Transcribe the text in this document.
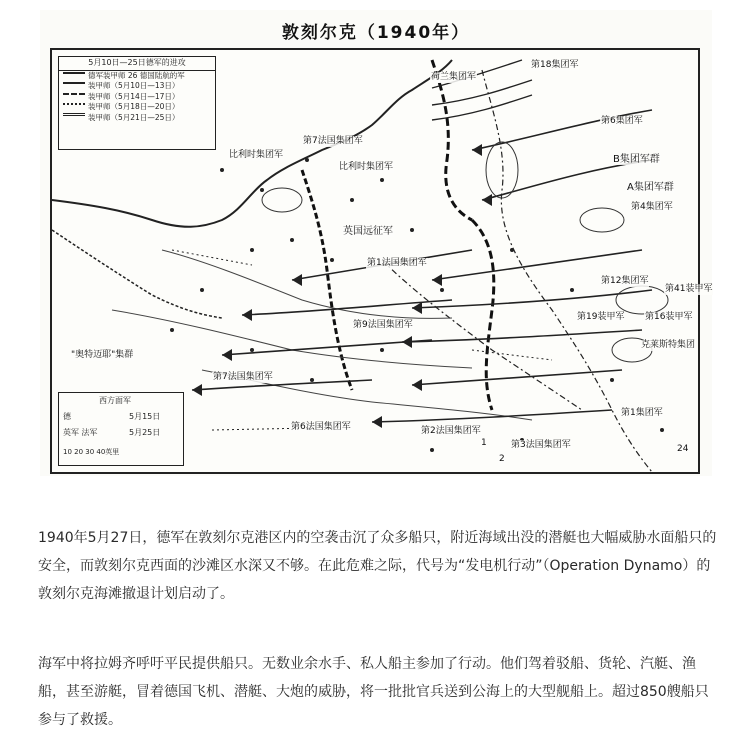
敦刻尔克（1940年）
5月10日—25日德军的进攻
德军装甲师 26 德国陆航的军
装甲师（5月10日—13日）
装甲师（5月14日—17日）
装甲师（5月18日—20日）
装甲师（5月21日—25日）
西方面军
德	5月15日
英军 法军	5月25日
10 20 30 40英里
荷兰集团军
第18集团军
第6集团军
B集团军群
A集团军群
第4集团军
第12集团军
第19装甲军 第16装甲军
第41装甲军
克莱斯特集团
第1集团军
第7法国集团军
比利时集团军
比利时集团军
英国远征军
第1法国集团军
第9法国集团军
"奥特迈耶"集群
第7法国集团军
第6法国集团军	第2法国集团军
第3法国集团军
1
2
24

1940年5月27日，德军在敦刻尔克港区内的空袭击沉了众多船只，附近海域出没的潜艇也大幅威胁水面船只的安全，而敦刻尔克西面的沙滩区水深又不够。在此危难之际，代号为“发电机行动”（Operation Dynamo）的敦刻尔克海滩撤退计划启动了。

海军中将拉姆齐呼吁平民提供船只。无数业余水手、私人船主参加了行动。他们驾着驳船、货轮、汽艇、渔船，甚至游艇，冒着德国飞机、潜艇、大炮的威胁，将一批批官兵送到公海上的大型舰船上。超过850艘船只参与了救援。
